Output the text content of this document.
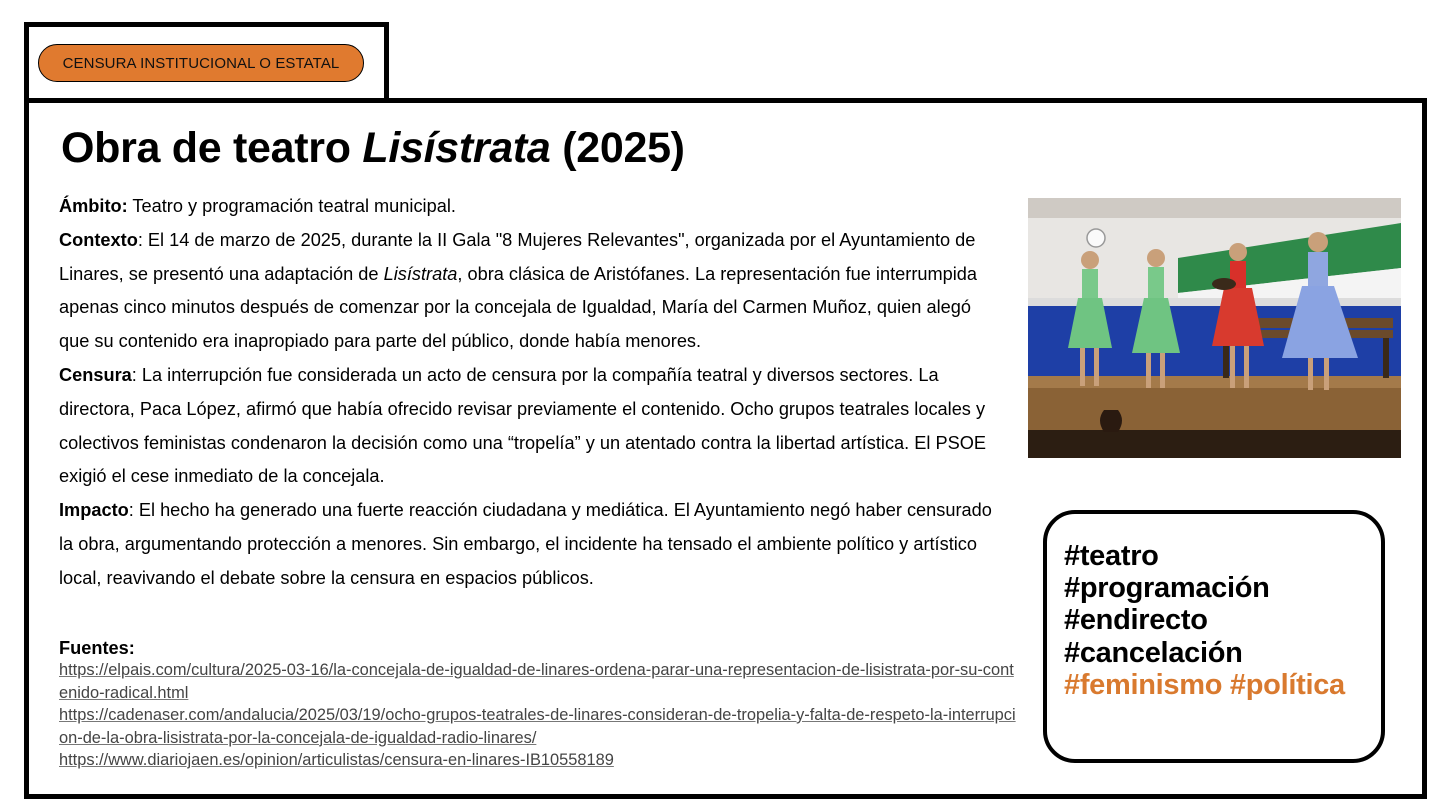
CENSURA INSTITUCIONAL O ESTATAL
Obra de teatro Lisístrata (2025)

Ámbito: Teatro y programación teatral municipal.

Contexto: El 14 de marzo de 2025, durante la II Gala "8 Mujeres Relevantes", organizada por el Ayuntamiento de Linares, se presentó una adaptación de Lisístrata, obra clásica de Aristófanes. La representación fue interrumpida apenas cinco minutos después de comenzar por la concejala de Igualdad, María del Carmen Muñoz, quien alegó que su contenido era inapropiado para parte del público, donde había menores.

Censura: La interrupción fue considerada un acto de censura por la compañía teatral y diversos sectores. La directora, Paca López, afirmó que había ofrecido revisar previamente el contenido. Ocho grupos teatrales locales y colectivos feministas condenaron la decisión como una “tropelía” y un atentado contra la libertad artística. El PSOE exigió el cese inmediato de la concejala.

Impacto: El hecho ha generado una fuerte reacción ciudadana y mediática. El Ayuntamiento negó haber censurado la obra, argumentando protección a menores. Sin embargo, el incidente ha tensado el ambiente político y artístico local, reavivando el debate sobre la censura en espacios públicos.

Fuentes:

https://elpais.com/cultura/2025-03-16/la-concejala-de-igualdad-de-linares-ordena-parar-una-representacion-de-lisistrata-por-su-contenido-radical.html
https://cadenaser.com/andalucia/2025/03/19/ocho-grupos-teatrales-de-linares-consideran-de-tropelia-y-falta-de-respeto-la-interrupcion-de-la-obra-lisistrata-por-la-concejala-de-igualdad-radio-linares/
https://www.diariojaen.es/opinion/articulistas/censura-en-linares-IB10558189
#teatro
#programación
#endirecto
#cancelación
#feminismo #política
